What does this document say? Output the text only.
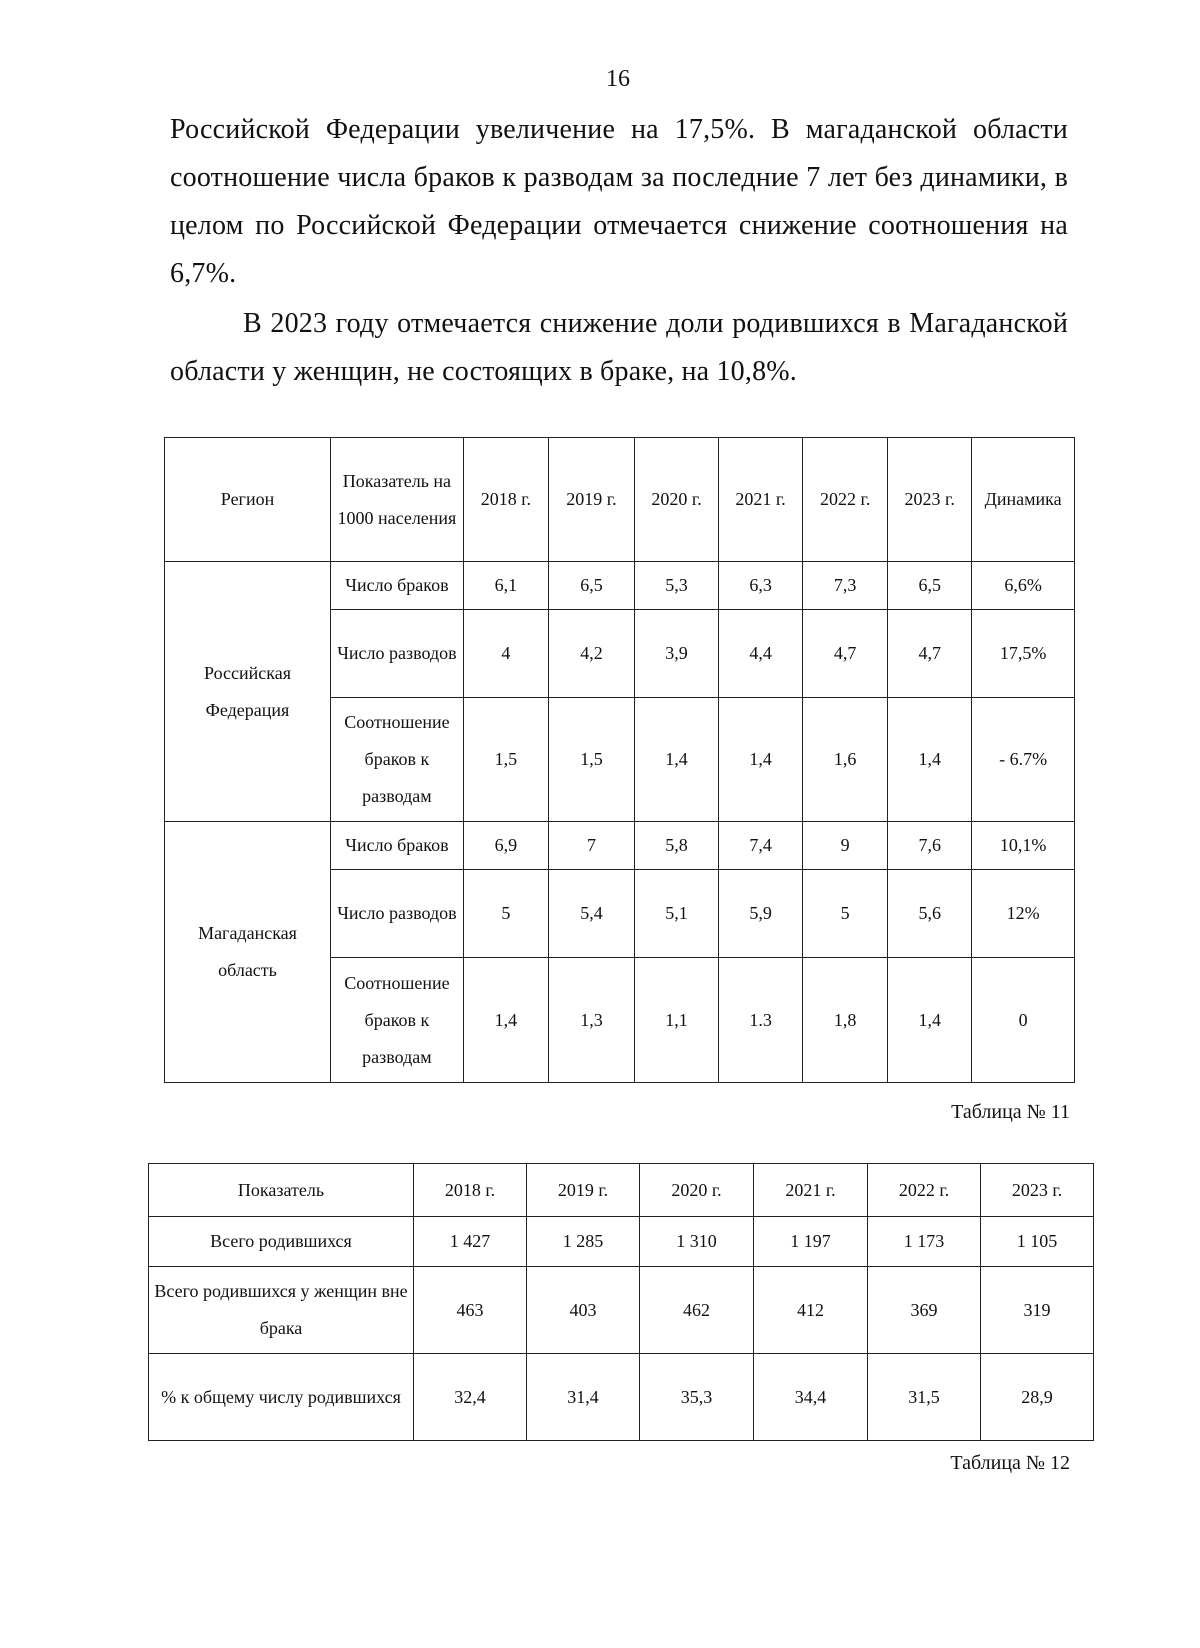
16
Российской Федерации увеличение на 17,5%. В магаданской области соотношение числа браков к разводам за последние 7 лет без динамики, в целом по Российской Федерации отмечается снижение соотношения на 6,7%.
В 2023 году отмечается снижение доли родившихся в Магаданской области у женщин, не состоящих в браке, на 10,8%.
Регион	Показатель на 1000 населения	2018 г.	2019 г.	2020 г.	2021 г.	2022 г.	2023 г.	Динамика
Российская Федерация	Число браков	6,1	6,5	5,3	6,3	7,3	6,5	6,6%
	Число разводов	4	4,2	3,9	4,4	4,7	4,7	17,5%
	Соотношение браков к разводам	1,5	1,5	1,4	1,4	1,6	1,4	- 6.7%
Магаданская область	Число браков	6,9	7	5,8	7,4	9	7,6	10,1%
	Число разводов	5	5,4	5,1	5,9	5	5,6	12%
	Соотношение браков к разводам	1,4	1,3	1,1	1.3	1,8	1,4	0
Таблица № 11
Показатель	2018 г.	2019 г.	2020 г.	2021 г.	2022 г.	2023 г.
Всего родившихся	1 427	1 285	1 310	1 197	1 173	1 105
Всего родившихся у женщин вне брака	463	403	462	412	369	319
% к общему числу родившихся	32,4	31,4	35,3	34,4	31,5	28,9
Таблица № 12
